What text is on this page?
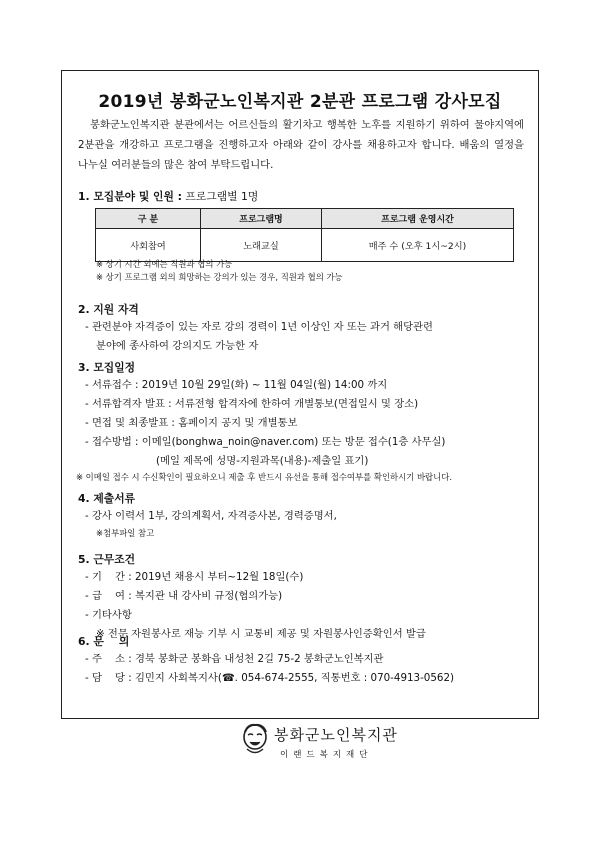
2019년 봉화군노인복지관 2분관 프로그램 강사모집
봉화군노인복지관 분관에서는 어르신들의 활기차고 행복한 노후를 지원하기 위하여 물야지역에 2분관을 개강하고 프로그램을 진행하고자 아래와 같이 강사를 채용하고자 합니다. 배움의 열정을 나누실 여러분들의 많은 참여 부탁드립니다.
1. 모집분야 및 인원 : 프로그램별 1명
구 분	프로그램명	프로그램 운영시간
사회참여	노래교실	매주 수 (오후 1시~2시)
※ 상기 시간 외에는 직원과 협의 가능
※ 상기 프로그램 외의 희망하는 강의가 있는 경우, 직원과 협의 가능
2. 지원 자격
- 관련분야 자격증이 있는 자로 강의 경력이 1년 이상인 자 또는 과거 해당관련
분야에 종사하여 강의지도 가능한 자
3. 모집일정
- 서류접수 : 2019년 10월 29일(화) ~ 11월 04일(월) 14:00 까지
- 서류합격자 발표 : 서류전형 합격자에 한하여 개별통보(면접일시 및 장소)
- 면접 및 최종발표 : 홈페이지 공지 및 개별통보
- 접수방법 : 이메일(bonghwa_noin@naver.com) 또는 방문 접수(1층 사무실)
(메일 제목에 성명-지원과목(내용)-제출일 표기)
※ 이메일 접수 시 수신확인이 필요하오니 제출 후 반드시 유선을 통해 접수여부를 확인하시기 바랍니다.
4. 제출서류
- 강사 이력서 1부, 강의계획서, 자격증사본, 경력증명서,
※첨부파일 참고
5. 근무조건
- 기    간 : 2019년 채용시 부터~12월 18일(수)
- 급    여 : 복지관 내 강사비 규정(협의가능)
- 기타사항
※ 전문 자원봉사로 재능 기부 시 교통비 제공 및 자원봉사인증확인서 발급
6. 문    의
- 주    소 : 경북 봉화군 봉화읍 내성천 2길 75-2 봉화군노인복지관
- 담    당 : 김민지 사회복지사(☎. 054-674-2555, 직통번호 : 070-4913-0562)
봉화군노인복지관
이랜드복지재단
